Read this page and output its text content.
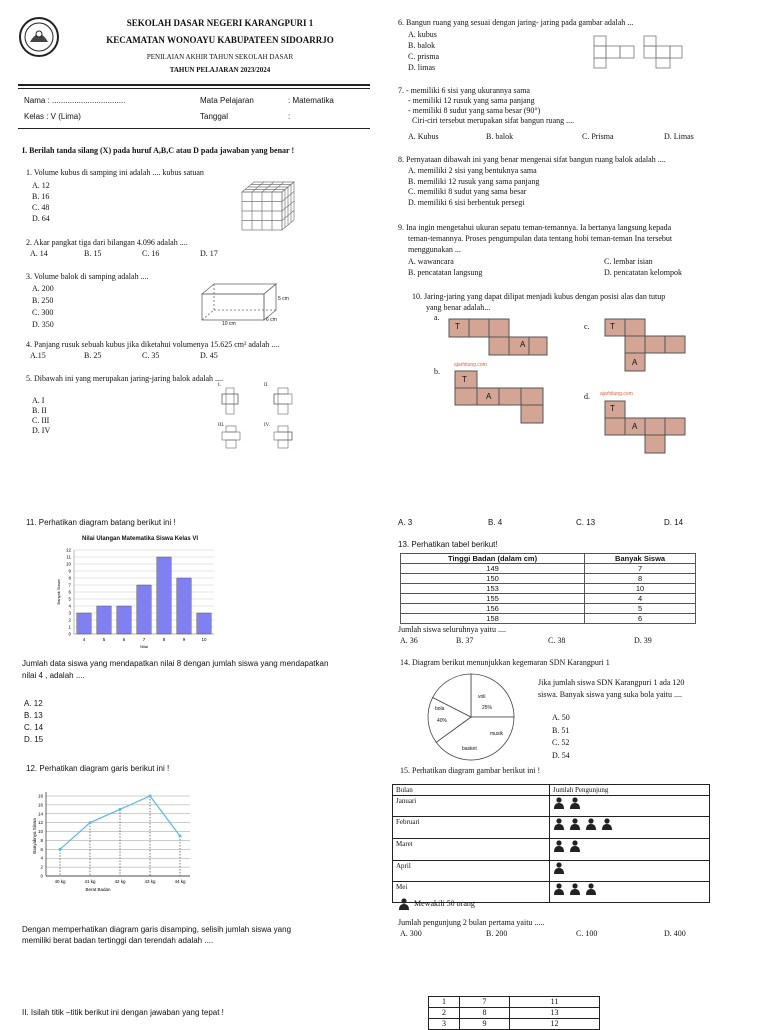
SEKOLAH DASAR NEGERI KARANGPURI 1
KECAMATAN WONOAYU KABUPATEEN SIDOARRJO
PENILAIAN AKHIR TAHUN SEKOLAH DASAR
TAHUN PELAJARAN 2023/2024
Nama : .................................	Mata Pelajaran	: Matematika
Kelas : V (Lima)	Tanggal	:
I. Berilah tanda silang (X) pada huruf A,B,C atau D pada jawaban yang benar !
1. Volume kubus di samping ini adalah .... kubus satuan
A. 12
B. 16
C. 48
D. 64
2. Akar pangkat tiga dari bilangan 4.096 adalah ....
A. 14	B. 15	C. 16	D. 17
3. Volume balok di samping adalah ....
A. 200
B. 250
C. 300
D. 350
5 cm
6 cm
10 cm
4. Panjang rusuk sebuah kubus jika diketahui volumenya 15.625 cm³ adalah ....
A.15	B. 25	C. 35	D. 45
5. Dibawah ini yang merupakan jaring-jaring balok adalah ....
A. I
B. II
C. III
D. IV
I.	II.
III.	IV.
6. Bangun ruang yang sesuai dengan jaring- jaring pada gambar adalah ...
A. kubus
B. balok
C. prisma
D. limas
7. - memiliki 6 sisi yang ukurannya sama
- memiliki 12 rusuk yang sama panjang
- memiliki 8 sudut yang sama besar (90°)
Ciri-ciri tersebut merupakan sifat bangun ruang ....
A. Kubus	B. balok	C. Prisma	D. Limas
8. Pernyataan dibawah ini yang benar mengenai sifat bangun ruang balok adalah ....
A. memiliki 2 sisi yang bentuknya sama
B. memiliki 12 rusuk yang sama panjang
C. memiliki 8 sudut yang sama besar
D. memiliki 6 sisi berbentuk persegi
9. Ina ingin mengetahui ukuran sepatu teman-temannya. Ia bertanya langsung kepada
teman-temannya. Proses pengumpulan data tentang hobi teman-teman Ina tersebut
menggunakan ...
A. wawancara
B. pencatatan langsung
C. lembar isian
D. pencatatan kelompok
10. Jaring-jaring yang dapat dilipat menjadi kubus dengan posisi alas dan tutup
yang benar adalah...
a.
b.
c.
d.
T
A
ajarhitung.com
T
A
T
A
ajarhitung.com
T
A
11. Perhatikan diagram batang berikut ini !
Nilai Ulangan Matematika Siswa Kelas VI
0
1
2
3
4
5
6
7
8
9
10
11
12
4	5	6	7	8	9	10
Nilai
Banyak Siswa
Jumlah data siswa yang mendapatkan nilai 8 dengan jumlah siswa yang mendapatkan
nilai 4 , adalah ....
A. 12
B. 13
C. 14
D. 15
12. Perhatikan diagram garis berikut ini !
0
2
4
6
8
10
12
14
16
18
40 kg	41 kg	42 kg	43 kg	44 kg
Berat Badan
Banyaknya Siswa
Dengan memperhatikan diagram garis disamping, selisih jumlah siswa yang
memiliki berat badan tertinggi dan terendah adalah ....
II. Isilah titik –titik berikut ini dengan jawaban yang tepat !
A. 3	B. 4	C. 13	D. 14
13. Perhatikan tabel berikut!
Tinggi Badan (dalam cm)	Banyak Siswa
149	7
150	8
153	10
155	4
156	5
158	6
Jumlah siswa seluruhnya yaitu ....
A. 36	B. 37	C. 38	D. 39
14. Diagram berikut menunjukkan kegemaran SDN Karangpuri 1
voli
25%
bola
40%
musik
basket
Jika jumlah siswa SDN Karangpuri 1 ada 120
siswa. Banyak siswa yang suka bola yaitu ....
A. 50
B. 51
C. 52
D. 54
15. Perhatikan diagram gambar berikut ini !
Bulan	Jumlah Pengunjung
Januari	
Februari	
Maret	
April	
Mei	
Mewakili 50 orang
Jumlah pengunjung 2 bulan pertama yaitu .....
A. 300	B. 200	C. 100	D. 400
1	7	11
2	8	13
3	9	12
